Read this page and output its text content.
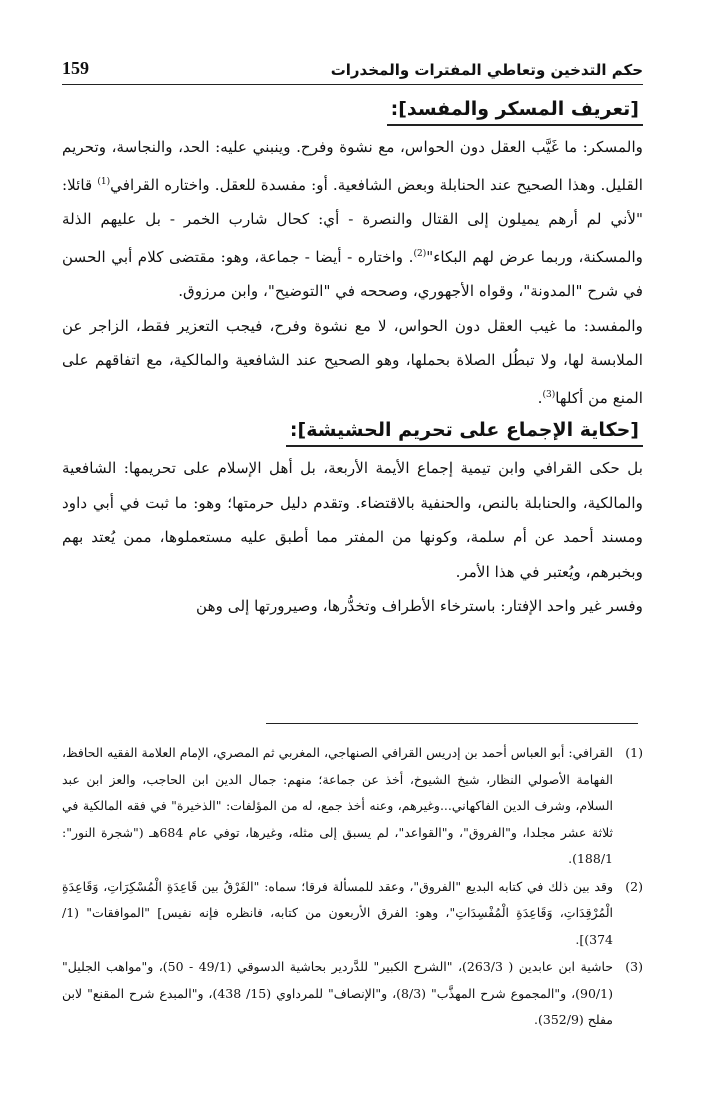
حكم التدخين وتعاطي المفترات والمخدرات
159
[تعريف المسكر والمفسد]:

والمسكر: ما غَيَّب العقل دون الحواس، مع نشوة وفرح. وينبني عليه: الحد، والنجاسة، وتحريم القليل. وهذا الصحيح عند الحنابلة وبعض الشافعية. أو: مفسدة للعقل. واختاره القرافي$^{(1)}$ قائلا: "لأني لم أرهم يميلون إلى القتال والنصرة - أي: كحال شارب الخمر - بل عليهم الذلة والمسكنة، وربما عرض لهم البكاء"$^{(2)}$. واختاره - أيضا - جماعة، وهو: مقتضى كلام أبي الحسن في شرح "المدونة"، وقواه الأجهوري، وصححه في "التوضيح"، وابن مرزوق.

والمفسد: ما غيب العقل دون الحواس، لا مع نشوة وفرح، فيجب التعزير فقط، الزاجر عن الملابسة لها، ولا تبطُل الصلاة بحملها، وهو الصحيح عند الشافعية والمالكية، مع اتفاقهم على المنع من أكلها$^{(3)}$.

[حكاية الإجماع على تحريم الحشيشة]:

بل حكى القرافي وابن تيمية إجماع الأيمة الأربعة، بل أهل الإسلام على تحريمها: الشافعية والمالكية، والحنابلة بالنص، والحنفية بالاقتضاء. وتقدم دليل حرمتها؛ وهو: ما ثبت في أبي داود ومسند أحمد عن أم سلمة، وكونها من المفتر مما أطبق عليه مستعملوها، ممن يُعتد بهم وبخبرهم، ويُعتبر في هذا الأمر.

وفسر غير واحد الإفتار: باسترخاء الأطراف وتخدُّرها، وصيرورتها إلى وهن

(1)
القرافي: أبو العباس أحمد بن إدريس القرافي الصنهاجي، المغربي ثم المصري، الإمام العلامة الفقيه الحافظ، الفهامة الأصولي النظار، شيخ الشيوخ، أخذ عن جماعة؛ منهم: جمال الدين ابن الحاجب، والعز ابن عبد السلام، وشرف الدين الفاكهاني...وغيرهم، وعنه أخذ جمع، له من المؤلفات: "الذخيرة" في فقه المالكية في ثلاثة عشر مجلدا، و"الفروق"، و"القواعد"، لم يسبق إلى مثله، وغيرها، توفي عام 684هـ ("شجرة النور": 188/1).
(2)
وقد بين ذلك في كتابه البديع "الفروق"، وعقد للمسألة فرقا؛ سماه: "الفَرْقُ بين قَاعِدَةِ الْمُسْكِرَاتِ، وَقَاعِدَةِ الْمُرْقِدَاتِ، وَقَاعِدَةِ الْمُفْسِدَاتِ"، وهو: الفرق الأربعون من كتابه، فانظره فإنه نفيس] "الموافقات" (1/ 374)].
(3)
حاشية ابن عابدين ( 263/3)، "الشرح الكبير" للدَّردير بحاشية الدسوقي (49/1 - 50)، و"مواهب الجليل" (90/1)، و"المجموع شرح المهذَّب" (8/3)، و"الإنصاف" للمرداوي (15/ 438)، و"المبدع شرح المقنع" لابن مفلح (352/9).
